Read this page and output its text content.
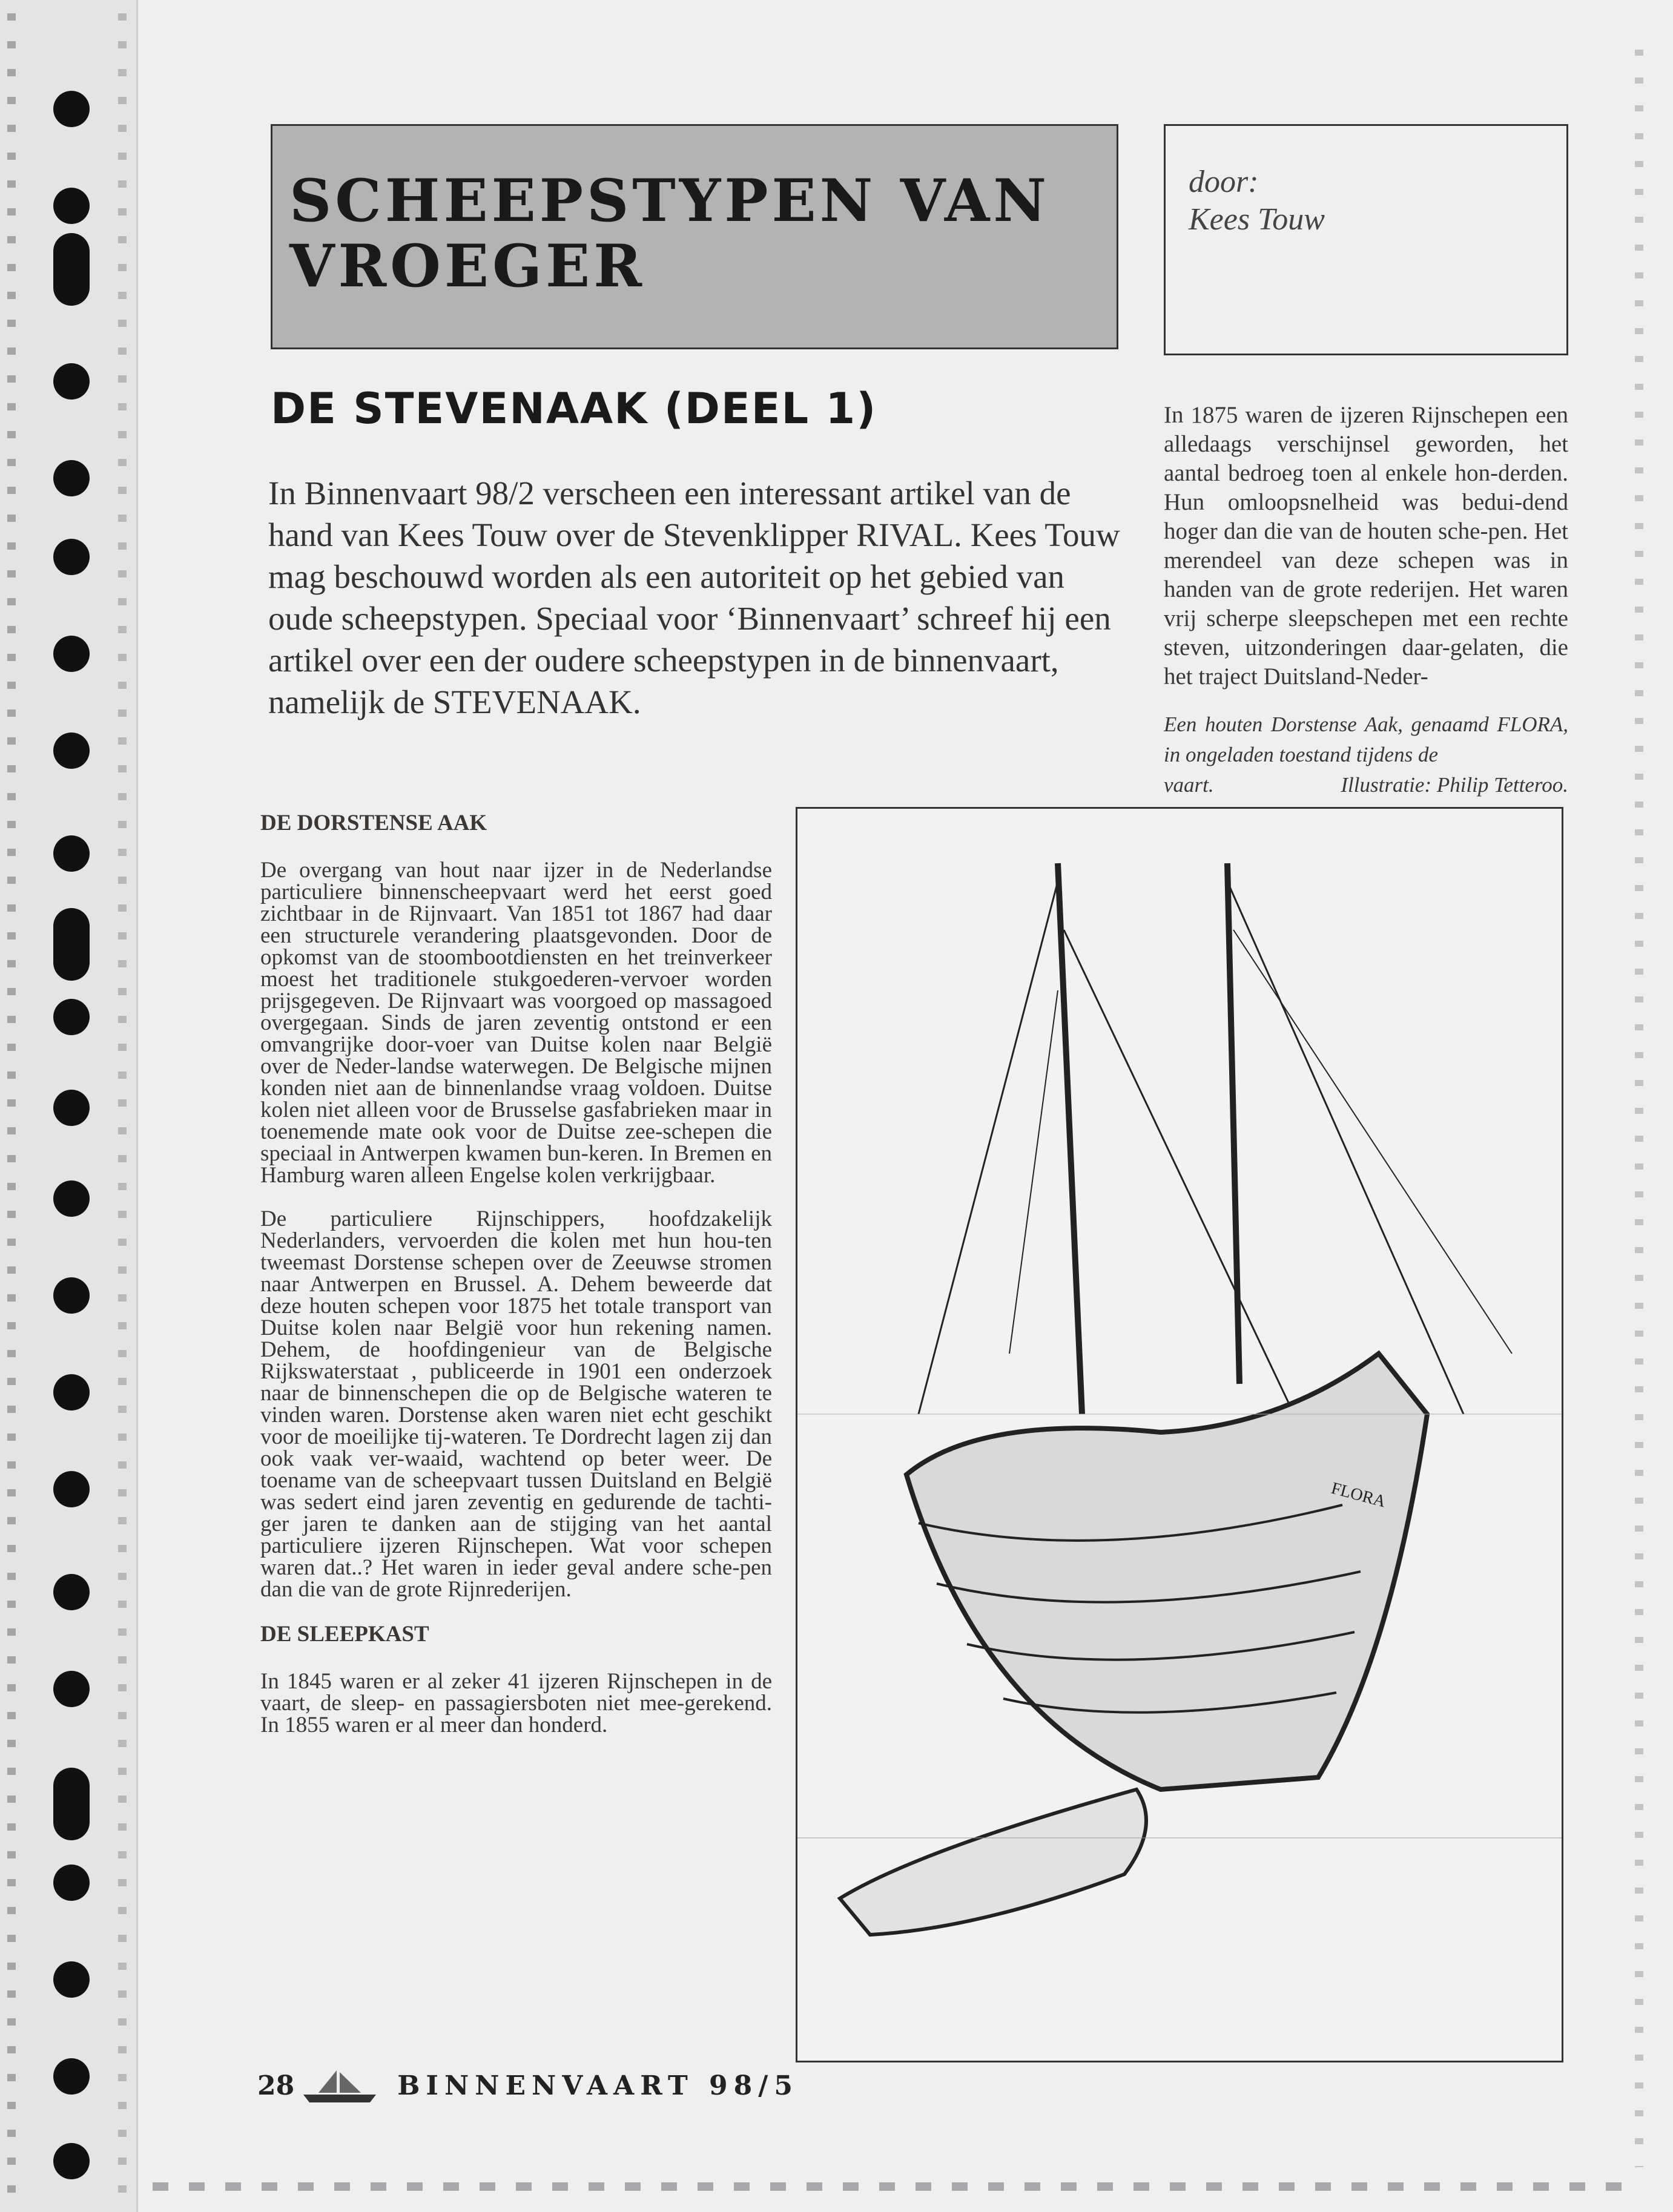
SCHEEPSTYPEN VAN
VROEGER
door:
Kees Touw
DE STEVENAAK (DEEL 1)

In Binnenvaart 98/2 verscheen een interessant artikel van de hand van Kees Touw over de Stevenklipper RIVAL. Kees Touw mag beschouwd worden als een autoriteit op het gebied van oude scheepstypen. Speciaal voor ‘Binnenvaart’ schreef hij een artikel over een der oudere scheepstypen in de binnenvaart, namelijk de STEVENAAK.

In 1875 waren de ijzeren Rijnschepen een alledaags verschijnsel geworden, het aantal bedroeg toen al enkele hon-derden. Hun omloopsnelheid was bedui-dend hoger dan die van de houten sche-pen. Het merendeel van deze schepen was in handen van de grote rederijen. Het waren vrij scherpe sleepschepen met een rechte steven, uitzonderingen daar-gelaten, die het traject Duitsland-Neder-
Een houten Dorstense Aak, genaamd FLORA, in ongeladen toestand tijdens de
vaart.	Illustratie: Philip Tetteroo.
DE DORSTENSE AAK

De overgang van hout naar ijzer in de Nederlandse particuliere binnenscheepvaart werd het eerst goed zichtbaar in de Rijnvaart. Van 1851 tot 1867 had daar een structurele verandering plaatsgevonden. Door de opkomst van de stoombootdiensten en het treinverkeer moest het traditionele stukgoederen-vervoer worden prijsgegeven. De Rijnvaart was voorgoed op massagoed overgegaan. Sinds de jaren zeventig ontstond er een omvangrijke door-voer van Duitse kolen naar België over de Neder-landse waterwegen. De Belgische mijnen konden niet aan de binnenlandse vraag voldoen. Duitse kolen niet alleen voor de Brusselse gasfabrieken maar in toenemende mate ook voor de Duitse zee-schepen die speciaal in Antwerpen kwamen bun-keren. In Bremen en Hamburg waren alleen Engelse kolen verkrijgbaar.

De particuliere Rijnschippers, hoofdzakelijk Nederlanders, vervoerden die kolen met hun hou-ten tweemast Dorstense schepen over de Zeeuwse stromen naar Antwerpen en Brussel. A. Dehem beweerde dat deze houten schepen voor 1875 het totale transport van Duitse kolen naar België voor hun rekening namen. Dehem, de hoofdingenieur van de Belgische Rijkswaterstaat , publiceerde in 1901 een onderzoek naar de binnenschepen die op de Belgische wateren te vinden waren. Dorstense aken waren niet echt geschikt voor de moeilijke tij-wateren. Te Dordrecht lagen zij dan ook vaak ver-waaid, wachtend op beter weer. De toename van de scheepvaart tussen Duitsland en België was sedert eind jaren zeventig en gedurende de tachti-ger jaren te danken aan de stijging van het aantal particuliere ijzeren Rijnschepen. Wat voor schepen waren dat..? Het waren in ieder geval andere sche-pen dan die van de grote Rijnrederijen.

DE SLEEPKAST

In 1845 waren er al zeker 41 ijzeren Rijnschepen in de vaart, de sleep- en passagiersboten niet mee-gerekend. In 1855 waren er al meer dan honderd.

FLORA
28	BINNENVAART 98/5
